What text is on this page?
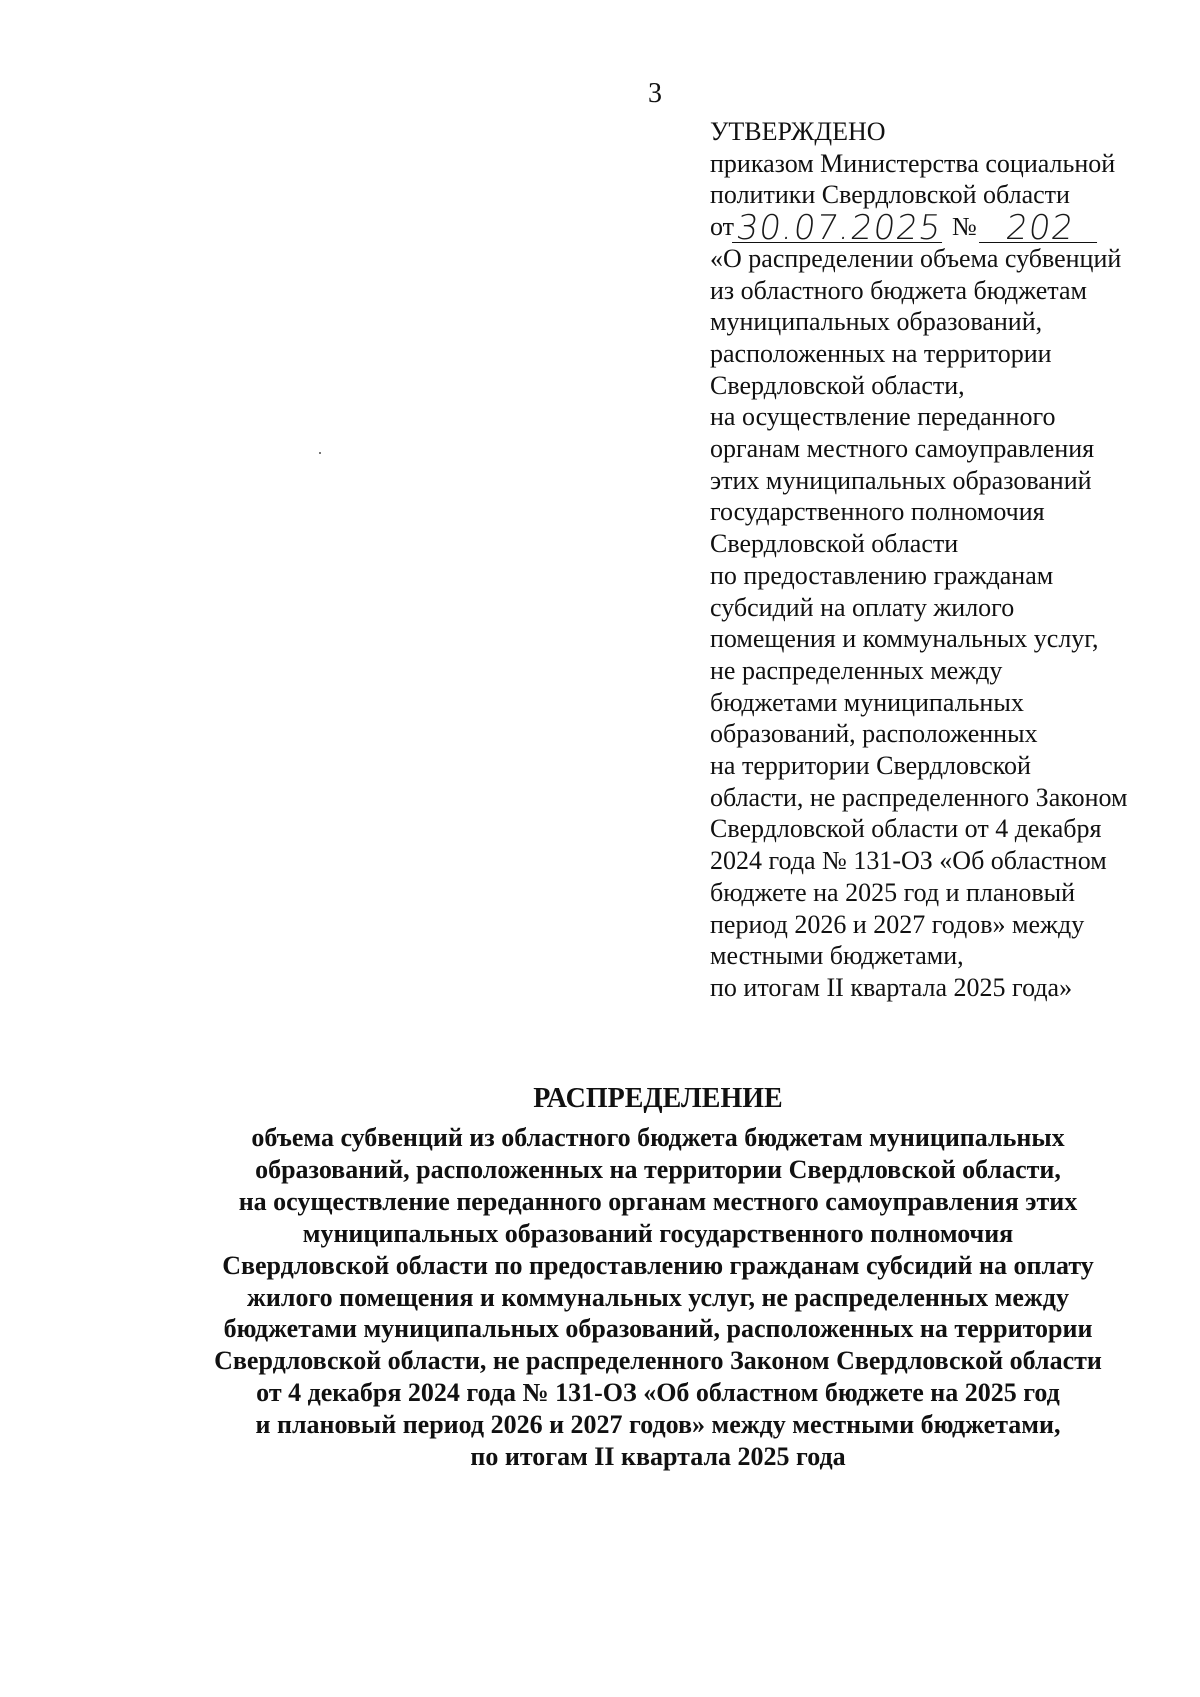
3
УТВЕРЖДЕНО
приказом Министерства социальной
политики Свердловской области
от30.07.2025 № 202
«О распределении объема субвенций
из областного бюджета бюджетам
муниципальных образований,
расположенных на территории
Свердловской области,
на осуществление переданного
органам местного самоуправления
этих муниципальных образований
государственного полномочия
Свердловской области
по предоставлению гражданам
субсидий на оплату жилого
помещения и коммунальных услуг,
не распределенных между
бюджетами муниципальных
образований, расположенных
на территории Свердловской
области, не распределенного Законом
Свердловской области от 4 декабря
2024 года № 131-ОЗ «Об областном
бюджете на 2025 год и плановый
период 2026 и 2027 годов» между
местными бюджетами,
по итогам II квартала 2025 года»
РАСПРЕДЕЛЕНИЕ
объема субвенций из областного бюджета бюджетам муниципальных
образований, расположенных на территории Свердловской области,
на осуществление переданного органам местного самоуправления этих
муниципальных образований государственного полномочия
Свердловской области по предоставлению гражданам субсидий на оплату
жилого помещения и коммунальных услуг, не распределенных между
бюджетами муниципальных образований, расположенных на территории
Свердловской области, не распределенного Законом Свердловской области
от 4 декабря 2024 года № 131-ОЗ «Об областном бюджете на 2025 год
и плановый период 2026 и 2027 годов» между местными бюджетами,
по итогам II квартала 2025 года
